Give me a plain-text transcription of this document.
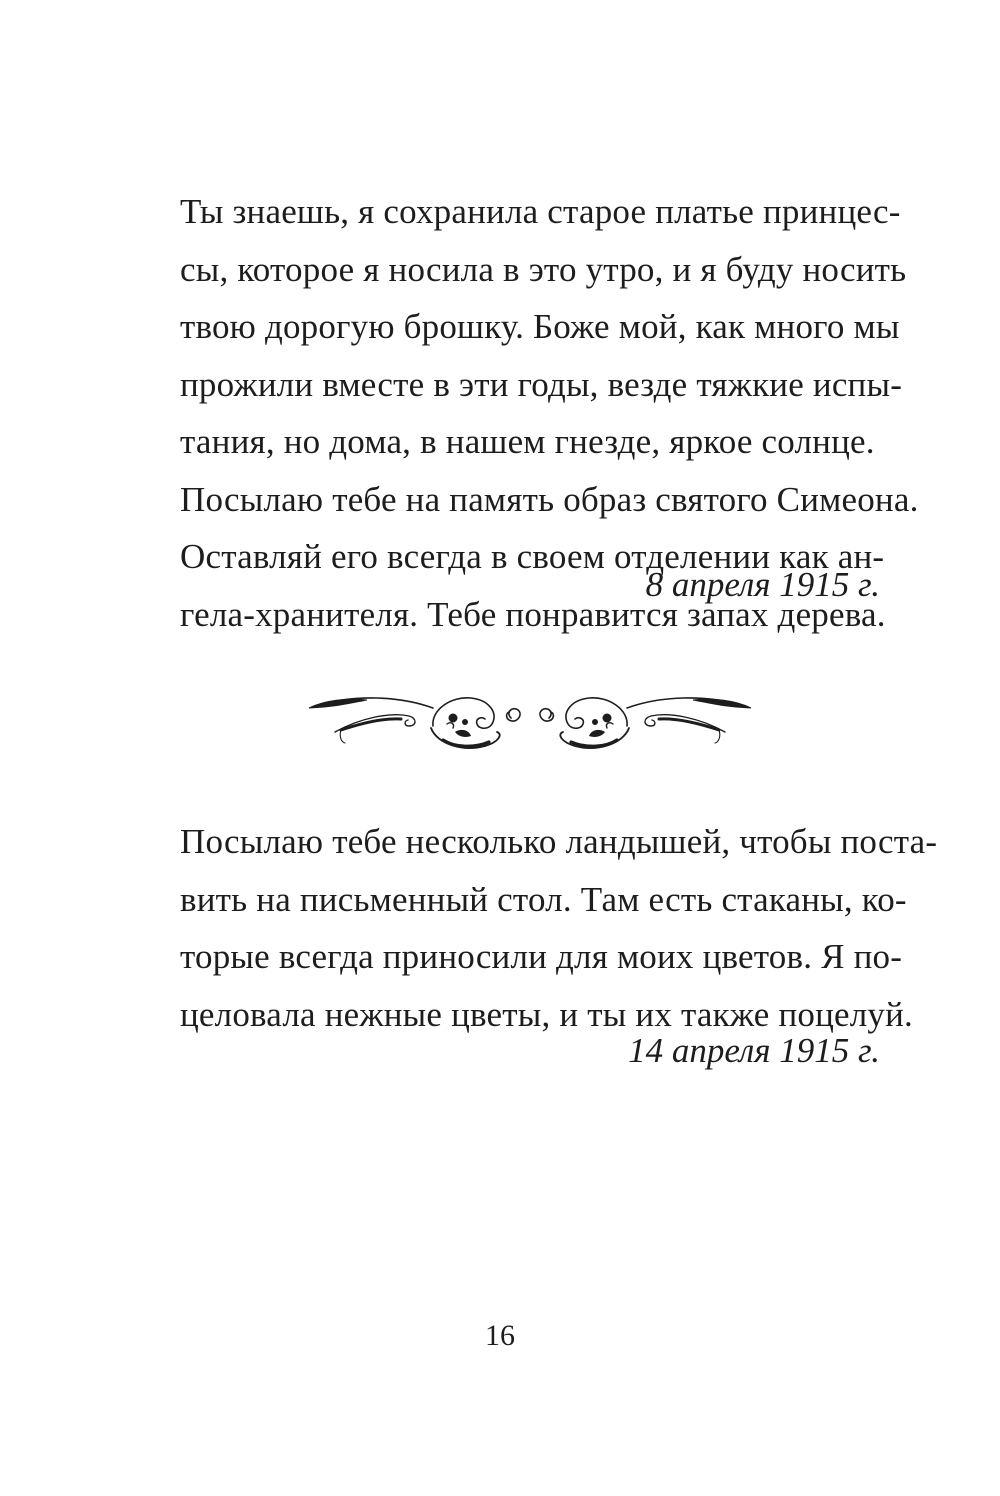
Ты знаешь, я сохранила старое платье принцес-
сы, которое я носила в это утро, и я буду носить
твою дорогую брошку. Боже мой, как много мы
прожили вместе в эти годы, везде тяжкие испы-
тания, но дома, в нашем гнезде, яркое солнце.
Посылаю тебе на память образ святого Симеона.
Оставляй его всегда в своем отделении как ан-
гела-хранителя. Тебе понравится запах дерева.
8 апреля 1915 г.
Посылаю тебе несколько ландышей, чтобы поста-
вить на письменный стол. Там есть стаканы, ко-
торые всегда приносили для моих цветов. Я по-
целовала нежные цветы, и ты их также поцелуй.
14 апреля 1915 г.
16
